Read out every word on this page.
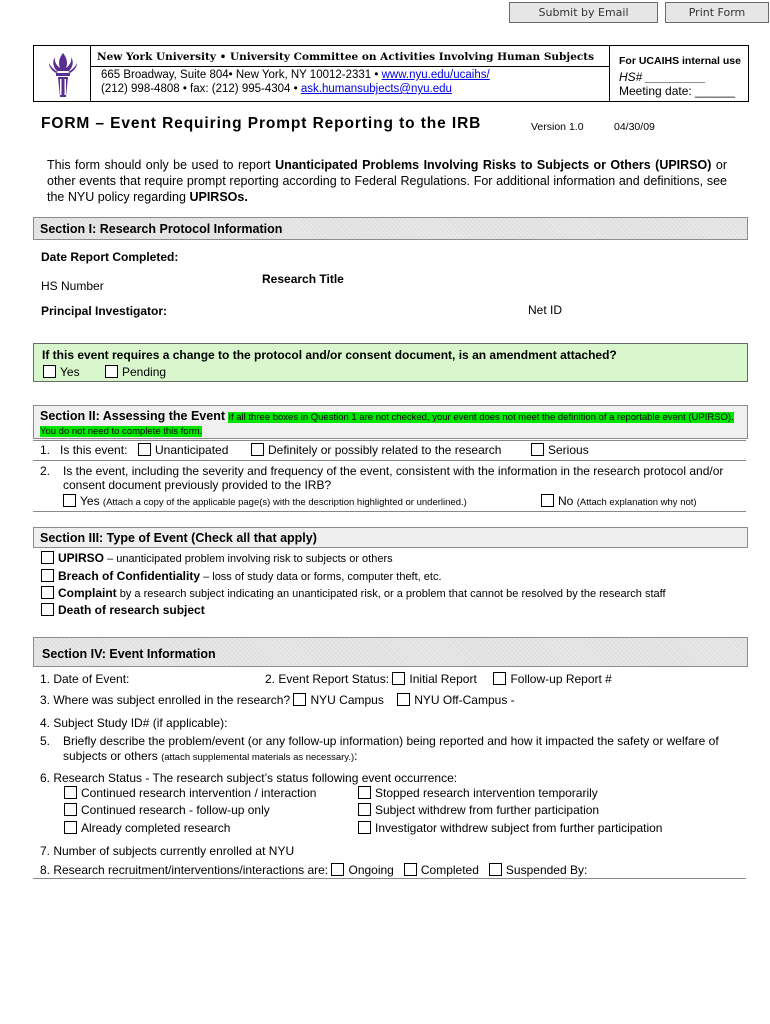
Submit by Email	Print Form
New York University • University Committee on Activities Involving Human Subjects
665 Broadway, Suite 804• New York, NY 10012-2331 • www.nyu.edu/ucaihs/
(212) 998-4808 • fax: (212) 995-4304 • ask.humansubjects@nyu.edu
For UCAIHS internal use
HS# _________
Meeting date: ______
FORM – Event Requiring Prompt Reporting to the IRB	Version 1.0	04/30/09
This form should only be used to report Unanticipated Problems Involving Risks to Subjects or Others (UPIRSO) or other events that require prompt reporting according to Federal Regulations. For additional information and definitions, see the NYU policy regarding UPIRSOs.
Section I: Research Protocol Information
Date Report Completed:
Research Title
HS Number
Principal Investigator:	Net ID
If this event requires a change to the protocol and/or consent document, is an amendment attached?
Yes	Pending
Section II: Assessing the Event If all three boxes in Question 1 are not checked, your event does not meet the definition of a reportable event (UPIRSO). You do not need to complete this form.
1. Is this event:	Unanticipated	Definitely or possibly related to the research	Serious
2. Is the event, including the severity and frequency of the event, consistent with the information in the research protocol and/or consent document previously provided to the IRB?
Yes (Attach a copy of the applicable page(s) with the description highlighted or underlined.)	No (Attach explanation why not)
Section III: Type of Event (Check all that apply)
UPIRSO – unanticipated problem involving risk to subjects or others
Breach of Confidentiality – loss of study data or forms, computer theft, etc.
Complaint by a research subject indicating an unanticipated risk, or a problem that cannot be resolved by the research staff
Death of research subject
Section IV: Event Information
1. Date of Event:	2. Event Report Status: Initial Report	Follow-up Report #
3. Where was subject enrolled in the research? NYU Campus	NYU Off-Campus -
4. Subject Study ID# (if applicable):
5. Briefly describe the problem/event (or any follow-up information) being reported and how it impacted the safety or welfare of subjects or others (attach supplemental materials as necessary.):
6. Research Status - The research subject’s status following event occurrence:
Continued research intervention / interaction
Continued research - follow-up only
Already completed research
Stopped research intervention temporarily
Subject withdrew from further participation
Investigator withdrew subject from further participation
7. Number of subjects currently enrolled at NYU
8. Research recruitment/interventions/interactions are: Ongoing Completed Suspended By:
